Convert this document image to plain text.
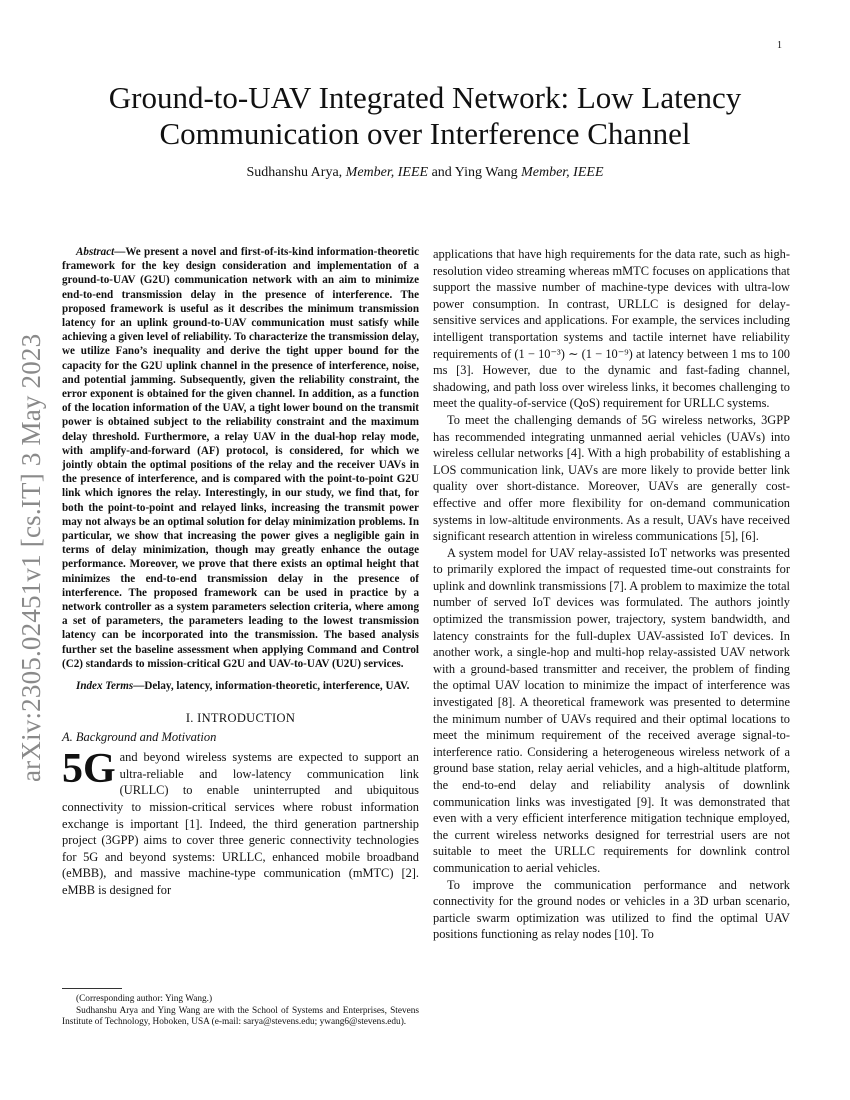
1
arXiv:2305.02451v1 [cs.IT] 3 May 2023
Ground-to-UAV Integrated Network: Low Latency Communication over Interference Channel
Sudhanshu Arya, Member, IEEE and Ying Wang Member, IEEE

Abstract—We present a novel and first-of-its-kind information-theoretic framework for the key design consideration and implementation of a ground-to-UAV (G2U) communication network with an aim to minimize end-to-end transmission delay in the presence of interference. The proposed framework is useful as it describes the minimum transmission latency for an uplink ground-to-UAV communication must satisfy while achieving a given level of reliability. To characterize the transmission delay, we utilize Fano’s inequality and derive the tight upper bound for the capacity for the G2U uplink channel in the presence of interference, noise, and potential jamming. Subsequently, given the reliability constraint, the error exponent is obtained for the given channel. In addition, as a function of the location information of the UAV, a tight lower bound on the transmit power is obtained subject to the reliability constraint and the maximum delay threshold. Furthermore, a relay UAV in the dual-hop relay mode, with amplify-and-forward (AF) protocol, is considered, for which we jointly obtain the optimal positions of the relay and the receiver UAVs in the presence of interference, and is compared with the point-to-point G2U link which ignores the relay. Interestingly, in our study, we find that, for both the point-to-point and relayed links, increasing the transmit power may not always be an optimal solution for delay minimization problems. In particular, we show that increasing the power gives a negligible gain in terms of delay minimization, though may greatly enhance the outage performance. Moreover, we prove that there exists an optimal height that minimizes the end-to-end transmission delay in the presence of interference. The proposed framework can be used in practice by a network controller as a system parameters selection criteria, where among a set of parameters, the parameters leading to the lowest transmission latency can be incorporated into the transmission. The based analysis further set the baseline assessment when applying Command and Control (C2) standards to mission-critical G2U and UAV-to-UAV (U2U) services.

Index Terms—Delay, latency, information-theoretic, interference, UAV.

I. INTRODUCTION
A. Background and Motivation

5G and beyond wireless systems are expected to support an ultra-reliable and low-latency communication link (URLLC) to enable uninterrupted and ubiquitous connectivity to mission-critical services where robust information exchange is important [1]. Indeed, the third generation partnership project (3GPP) aims to cover three generic connectivity technologies for 5G and beyond systems: URLLC, enhanced mobile broadband (eMBB), and massive machine-type communication (mMTC) [2]. eMBB is designed for

(Corresponding author: Ying Wang.)

Sudhanshu Arya and Ying Wang are with the School of Systems and Enterprises, Stevens Institute of Technology, Hoboken, USA (e-mail: sarya@stevens.edu; ywang6@stevens.edu).

applications that have high requirements for the data rate, such as high-resolution video streaming whereas mMTC focuses on applications that support the massive number of machine-type devices with ultra-low power consumption. In contrast, URLLC is designed for delay-sensitive services and applications. For example, the services including intelligent transportation systems and tactile internet have reliability requirements of (1 − 10⁻³) ∼ (1 − 10⁻⁹) at latency between 1 ms to 100 ms [3]. However, due to the dynamic and fast-fading channel, shadowing, and path loss over wireless links, it becomes challenging to meet the quality-of-service (QoS) requirement for URLLC systems.

To meet the challenging demands of 5G wireless networks, 3GPP has recommended integrating unmanned aerial vehicles (UAVs) into wireless cellular networks [4]. With a high probability of establishing a LOS communication link, UAVs are more likely to provide better link quality over short-distance. Moreover, UAVs are generally cost-effective and offer more flexibility for on-demand communication systems in low-altitude environments. As a result, UAVs have received significant research attention in wireless communications [5], [6].

A system model for UAV relay-assisted IoT networks was presented to primarily explored the impact of requested time-out constraints for uplink and downlink transmissions [7]. A problem to maximize the total number of served IoT devices was formulated. The authors jointly optimized the transmission power, trajectory, system bandwidth, and latency constraints for the full-duplex UAV-assisted IoT devices. In another work, a single-hop and multi-hop relay-assisted UAV network with a ground-based transmitter and receiver, the problem of finding the optimal UAV location to minimize the impact of interference was investigated [8]. A theoretical framework was presented to determine the minimum number of UAVs required and their optimal locations to meet the minimum requirement of the received average signal-to-interference ratio. Considering a heterogeneous wireless network of a ground base station, relay aerial vehicles, and a high-altitude platform, the end-to-end delay and reliability analysis of downlink communication links was investigated [9]. It was demonstrated that even with a very efficient interference mitigation technique employed, the current wireless networks designed for terrestrial users are not suitable to meet the URLLC requirements for downlink control communication to aerial vehicles.

To improve the communication performance and network connectivity for the ground nodes or vehicles in a 3D urban scenario, particle swarm optimization was utilized to find the optimal UAV positions functioning as relay nodes [10]. To
